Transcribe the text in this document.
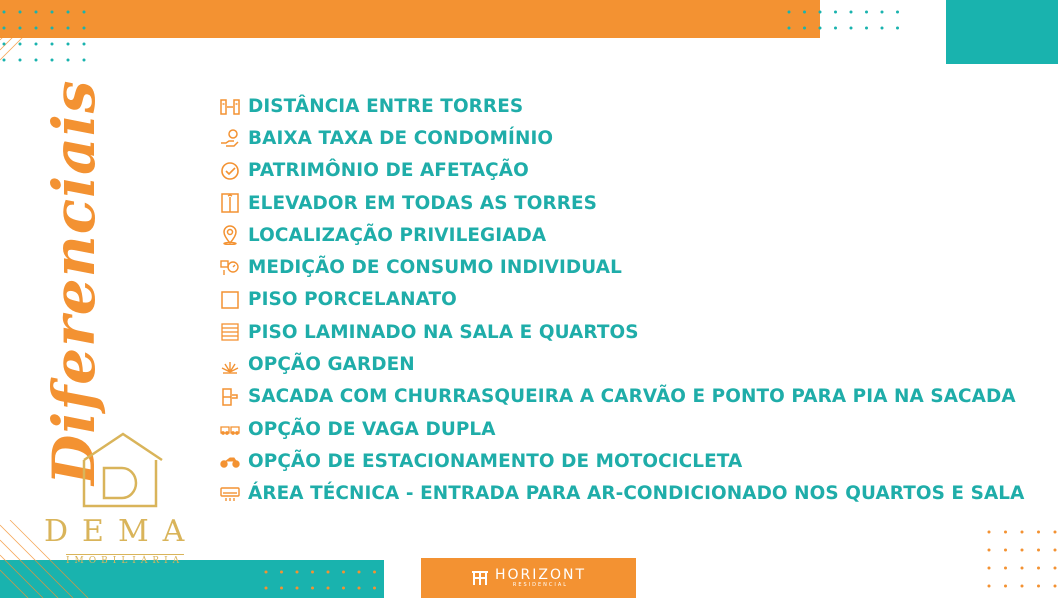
Diferenciais	DISTÂNCIA ENTRE TORRES
BAIXA TAXA DE CONDOMÍNIO
PATRIMÔNIO DE AFETAÇÃO
ELEVADOR EM TODAS AS TORRES
LOCALIZAÇÃO PRIVILEGIADA
MEDIÇÃO DE CONSUMO INDIVIDUAL
PISO PORCELANATO
PISO LAMINADO NA SALA E QUARTOS
OPÇÃO GARDEN
SACADA COM CHURRASQUEIRA A CARVÃO E PONTO PARA PIA NA SACADA
OPÇÃO DE VAGA DUPLA
OPÇÃO DE ESTACIONAMENTO DE MOTOCICLETA
ÁREA TÉCNICA - ENTRADA PARA AR-CONDICIONADO NOS QUARTOS E SALA
DEMA
IMOBILIÁRIA
HORIZONT
RESIDENCIAL
